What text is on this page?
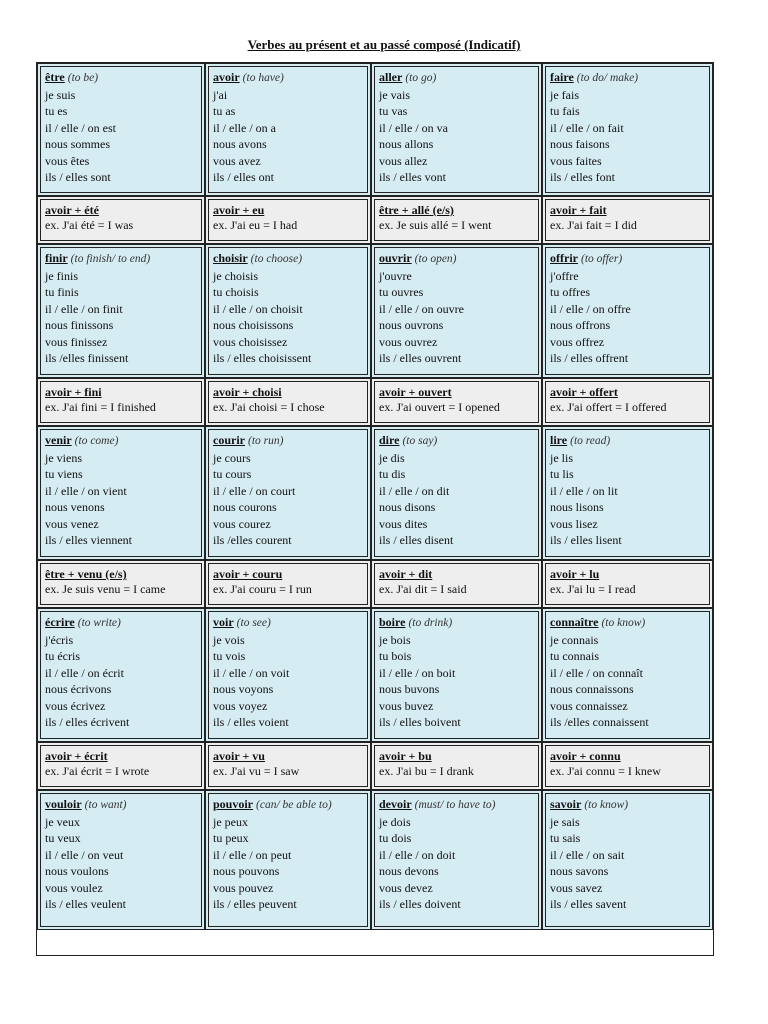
Verbes au présent et au passé composé (Indicatif)
être (to be)
je suis
tu es
il / elle / on est
nous sommes
vous êtes
ils / elles sont
avoir (to have)
j'ai
tu as
il / elle / on a
nous avons
vous avez
ils / elles ont
aller (to go)
je vais
tu vas
il / elle / on va
nous allons
vous allez
ils / elles vont
faire (to do/ make)
je fais
tu fais
il / elle / on fait
nous faisons
vous faites
ils / elles font
avoir + été
ex. J'ai été = I was
avoir + eu
ex. J'ai eu = I had
être + allé (e/s)
ex. Je suis allé = I went
avoir + fait
ex. J'ai fait = I did
finir (to finish/ to end)
je finis
tu finis
il / elle / on finit
nous finissons
vous finissez
ils /elles finissent
choisir (to choose)
je choisis
tu choisis
il / elle / on choisit
nous choisissons
vous choisissez
ils / elles choisissent
ouvrir (to open)
j'ouvre
tu ouvres
il / elle / on ouvre
nous ouvrons
vous ouvrez
ils / elles ouvrent
offrir (to offer)
j'offre
tu offres
il / elle / on offre
nous offrons
vous offrez
ils / elles offrent
avoir + fini
ex. J'ai fini = I finished
avoir + choisi
ex. J'ai choisi = I chose
avoir + ouvert
ex. J'ai ouvert = I opened
avoir + offert
ex. J'ai offert = I offered
venir (to come)
je viens
tu viens
il / elle / on vient
nous venons
vous venez
ils / elles viennent
courir (to run)
je cours
tu cours
il / elle / on court
nous courons
vous courez
ils /elles courent
dire (to say)
je dis
tu dis
il / elle / on dit
nous disons
vous dites
ils / elles disent
lire (to read)
je lis
tu lis
il / elle / on lit
nous lisons
vous lisez
ils / elles lisent
être + venu (e/s)
ex. Je suis venu = I came
avoir + couru
ex. J'ai couru = I run
avoir + dit
ex. J'ai dit = I said
avoir + lu
ex. J'ai lu = I read
écrire (to write)
j'écris
tu écris
il / elle / on écrit
nous écrivons
vous écrivez
ils / elles écrivent
voir (to see)
je vois
tu vois
il / elle / on voit
nous voyons
vous voyez
ils / elles voient
boire (to drink)
je bois
tu bois
il / elle / on boit
nous buvons
vous buvez
ils / elles boivent
connaître (to know)
je connais
tu connais
il / elle / on connaît
nous connaissons
vous connaissez
ils /elles connaissent
avoir + écrit
ex. J'ai écrit = I wrote
avoir + vu
ex. J'ai vu = I saw
avoir + bu
ex. J'ai bu = I drank
avoir + connu
ex. J'ai connu = I knew
vouloir (to want)
je veux
tu veux
il / elle / on veut
nous voulons
vous voulez
ils / elles veulent
pouvoir (can/ be able to)
je peux
tu peux
il / elle / on peut
nous pouvons
vous pouvez
ils / elles peuvent
devoir (must/ to have to)
je dois
tu dois
il / elle / on doit
nous devons
vous devez
ils / elles doivent
savoir (to know)
je sais
tu sais
il / elle / on sait
nous savons
vous savez
ils / elles savent
